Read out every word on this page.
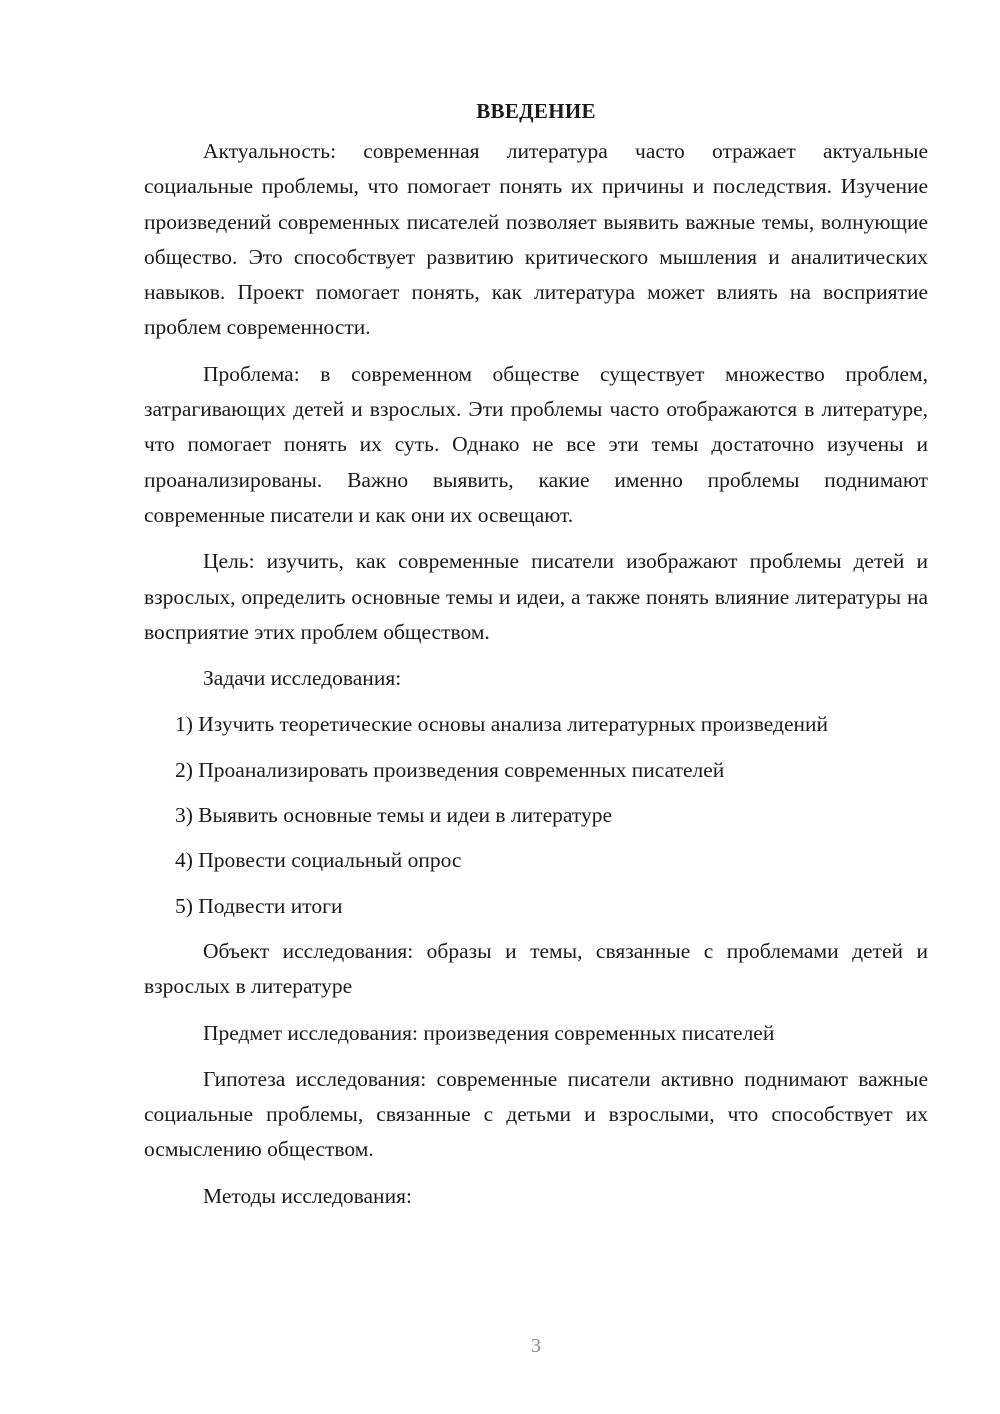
ВВЕДЕНИЕ

Актуальность: современная литература часто отражает актуальные социальные проблемы, что помогает понять их причины и последствия. Изучение произведений современных писателей позволяет выявить важные темы, волнующие общество. Это способствует развитию критического мышления и аналитических навыков. Проект помогает понять, как литература может влиять на восприятие проблем современности.

Проблема: в современном обществе существует множество проблем, затрагивающих детей и взрослых. Эти проблемы часто отображаются в литературе, что помогает понять их суть. Однако не все эти темы достаточно изучены и проанализированы. Важно выявить, какие именно проблемы поднимают современные писатели и как они их освещают.

Цель: изучить, как современные писатели изображают проблемы детей и взрослых, определить основные темы и идеи, а также понять влияние литературы на восприятие этих проблем обществом.

Задачи исследования:

1) Изучить теоретические основы анализа литературных произведений
2) Проанализировать произведения современных писателей
3) Выявить основные темы и идеи в литературе
4) Провести социальный опрос
5) Подвести итоги

Объект исследования: образы и темы, связанные с проблемами детей и взрослых в литературе

Предмет исследования: произведения современных писателей

Гипотеза исследования: современные писатели активно поднимают важные социальные проблемы, связанные с детьми и взрослыми, что способствует их осмыслению обществом.

Методы исследования:

3
